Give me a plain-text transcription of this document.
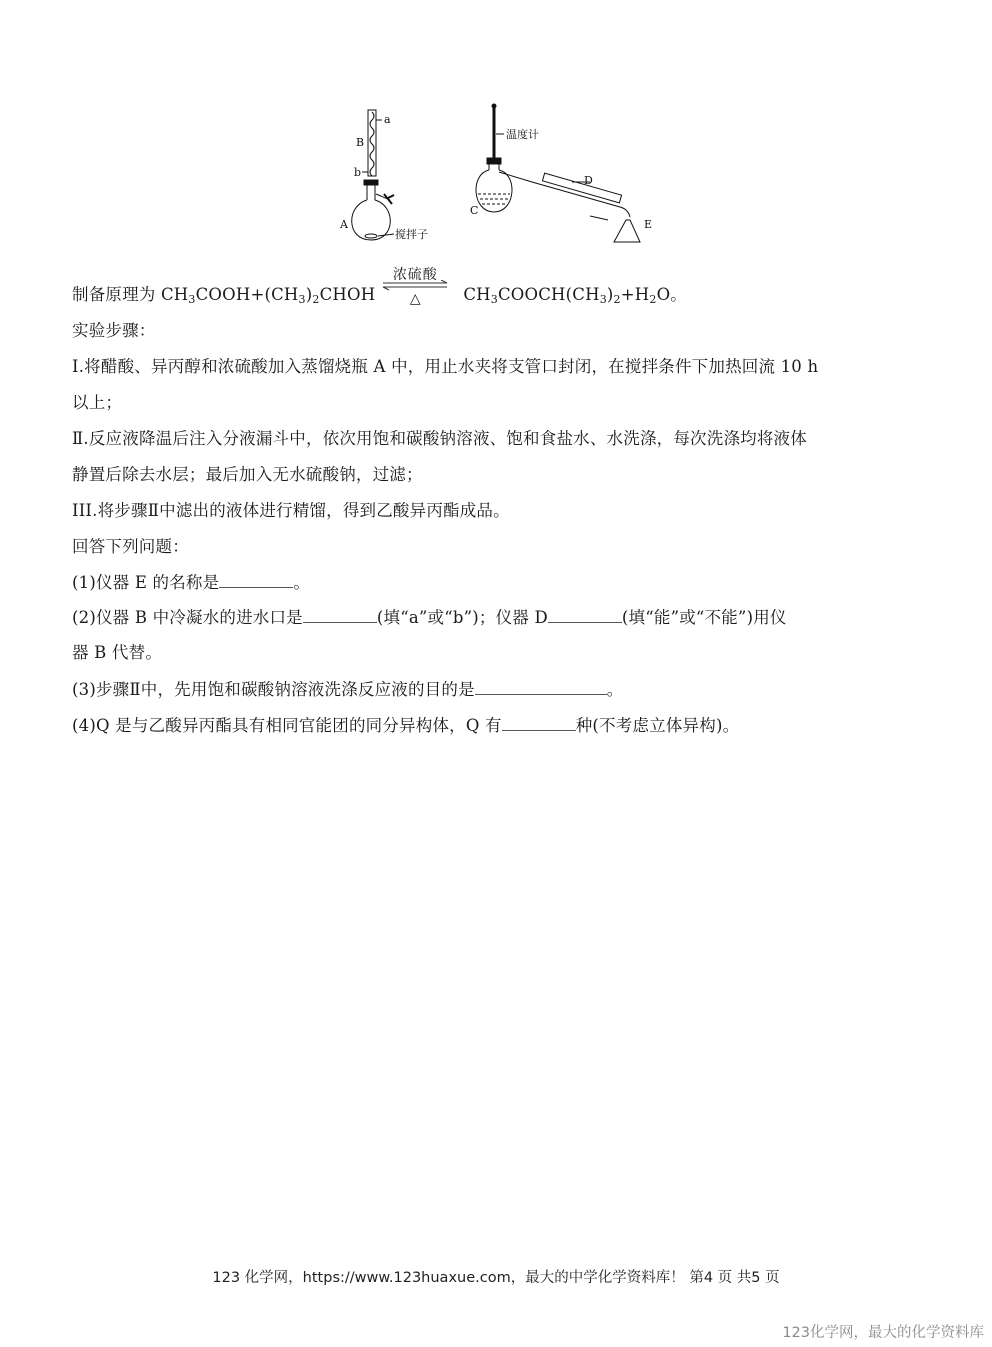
a
B
b
A
搅拌子
温度计
C
D
E
制备原理为 $CH_3COOH+(CH_3)_2CHOH$
浓硫酸
△	$CH_3COOCH(CH_3)_2+H_2O$。
实验步骤：
Ⅰ.将醋酸、异丙醇和浓硫酸加入蒸馏烧瓶 A 中，用止水夹将支管口封闭，在搅拌条件下加热回流 10 h
以上；
Ⅱ.反应液降温后注入分液漏斗中，依次用饱和碳酸钠溶液、饱和食盐水、水洗涤，每次洗涤均将液体
静置后除去水层；最后加入无水硫酸钠，过滤；
III.将步骤Ⅱ中滤出的液体进行精馏，得到乙酸异丙酯成品。
回答下列问题：
(1)仪器 E 的名称是	。
(2)仪器 B 中冷凝水的进水口是	(填“a”或“b”)；仪器 D	(填“能”或“不能”)用仪
器 B 代替。
(3)步骤Ⅱ中，先用饱和碳酸钠溶液洗涤反应液的目的是	。
(4)Q 是与乙酸异丙酯具有相同官能团的同分异构体，Q 有	种(不考虑立体异构)。
123 化学网，https://www.123huaxue.com，最大的中学化学资料库！ 第4 页 共5 页
123化学网，最大的化学资料库
